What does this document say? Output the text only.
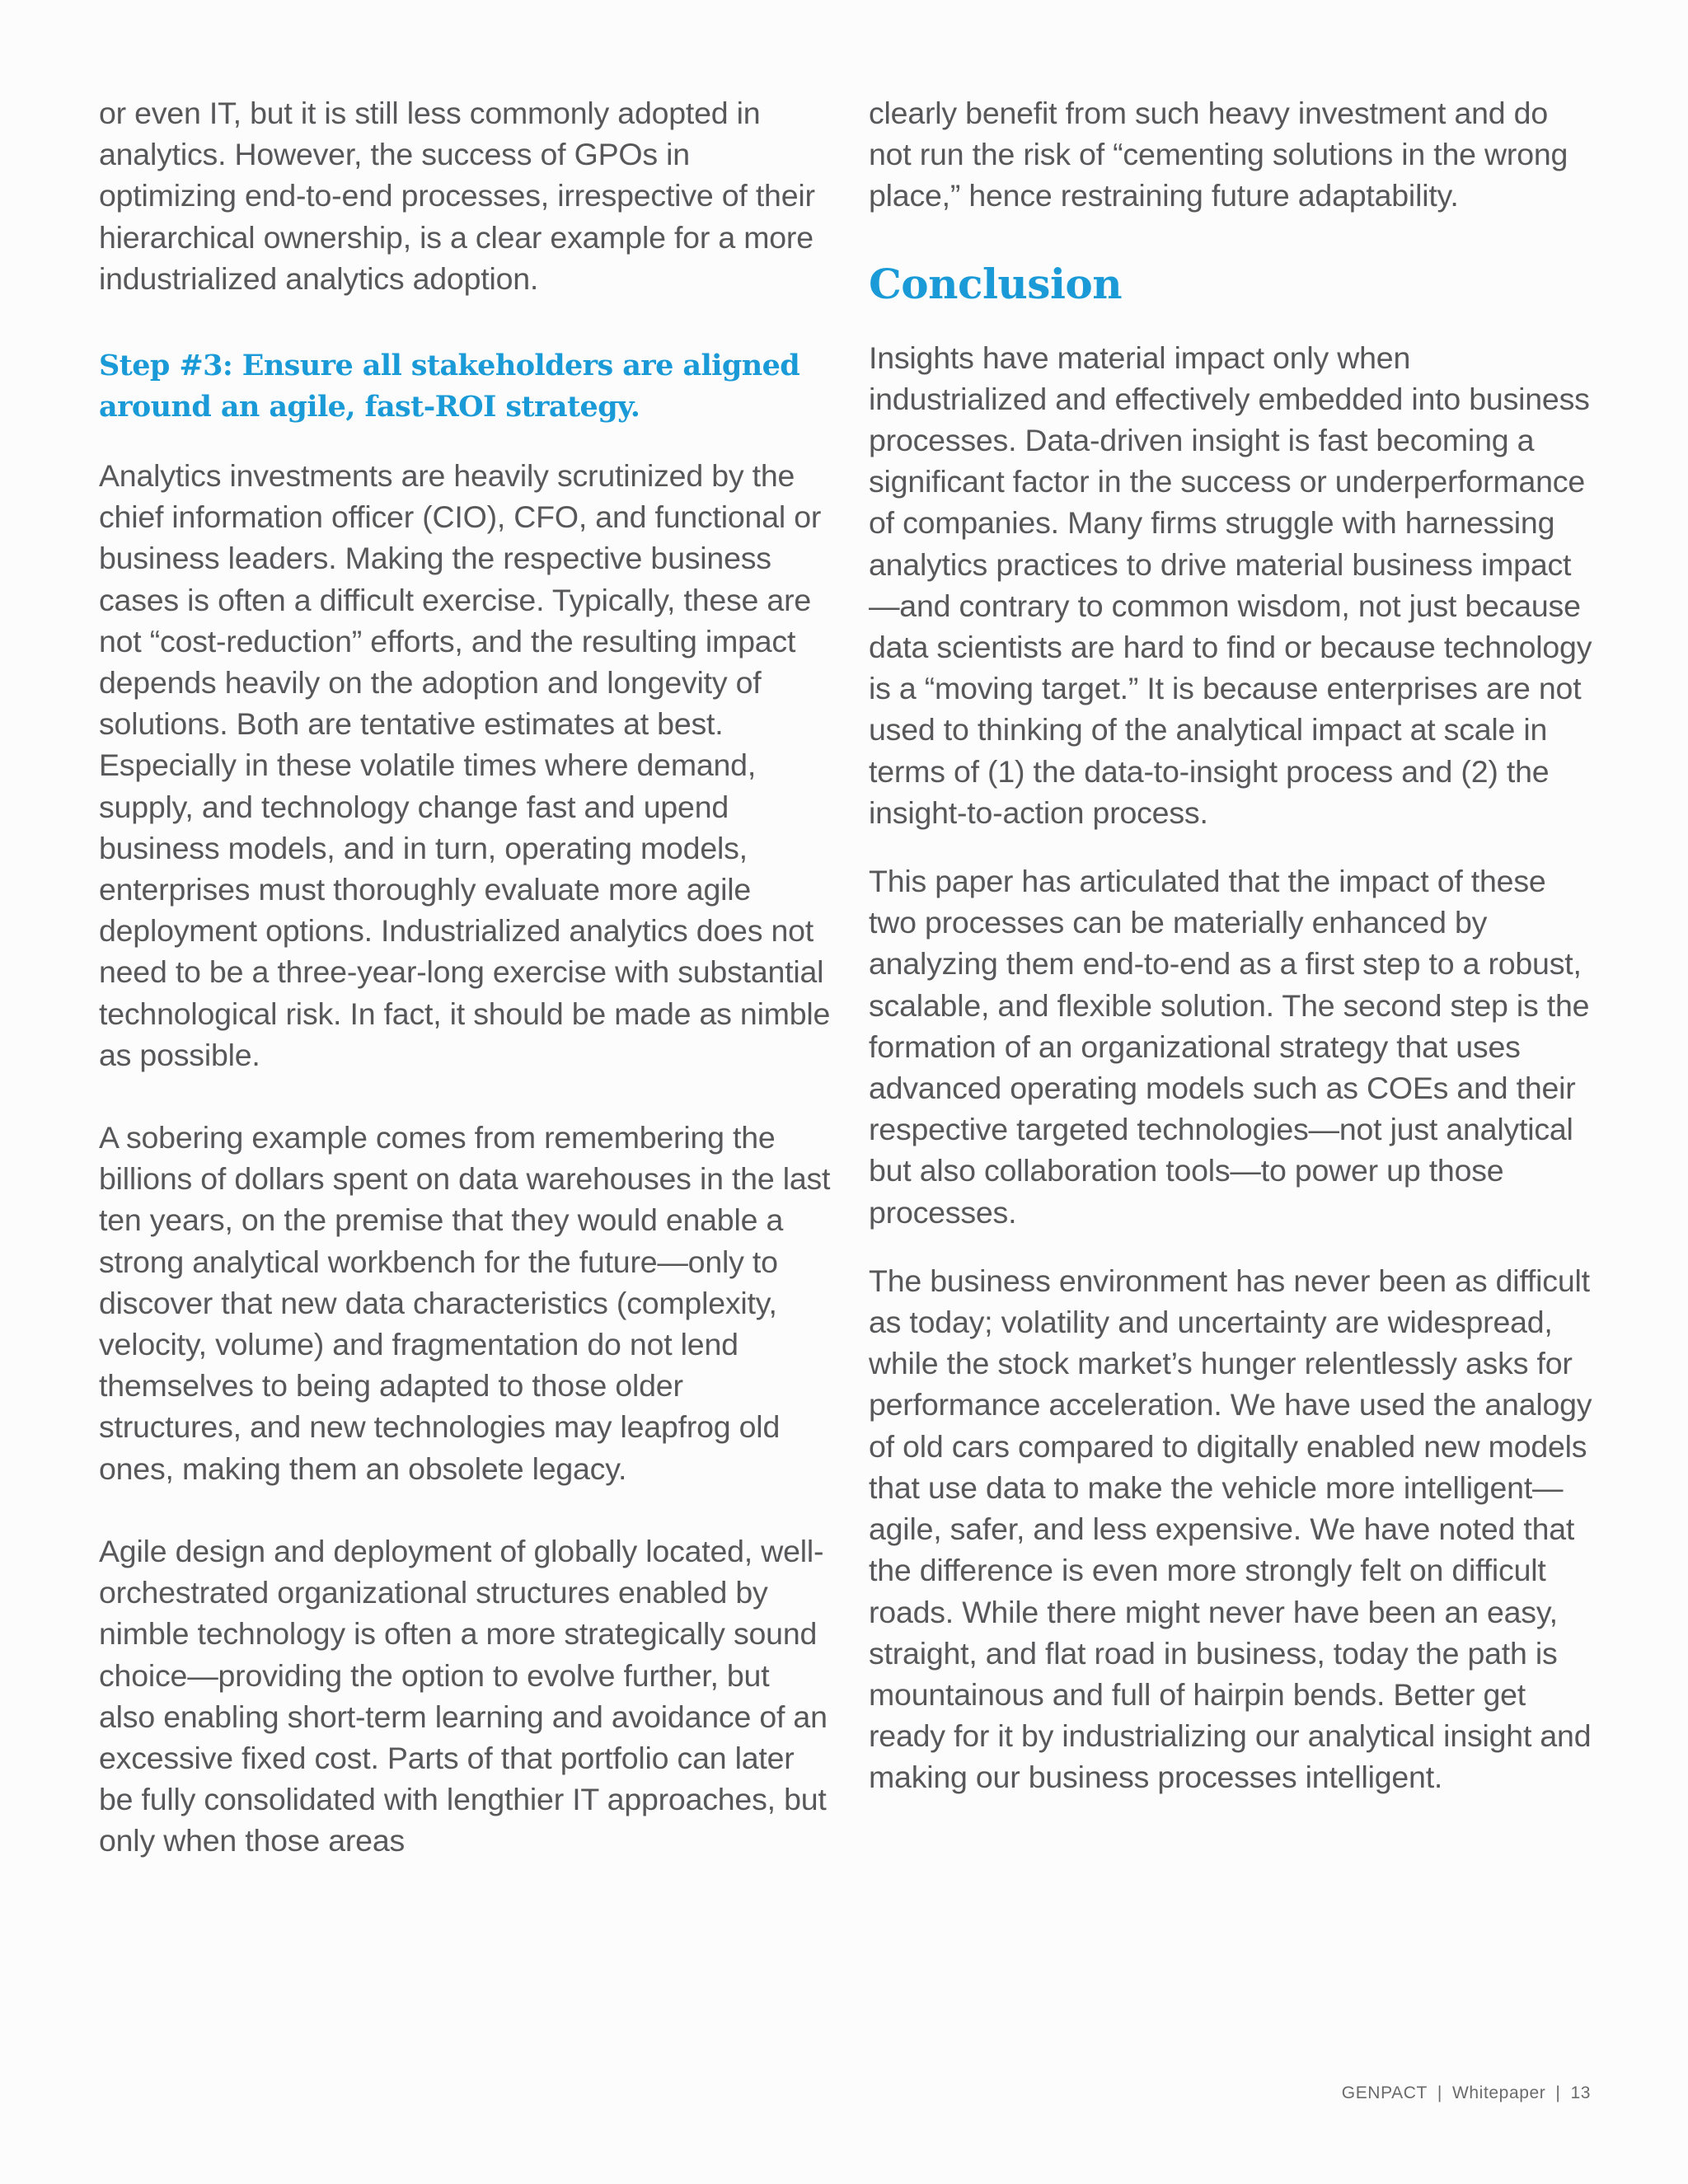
or even IT, but it is still less commonly adopted in analytics. However, the success of GPOs in optimizing end-to-end processes, irrespective of their hierarchical ownership, is a clear example for a more industrialized analytics adoption.

Step #3: Ensure all stakeholders are aligned around an agile, fast-ROI strategy.

Analytics investments are heavily scrutinized by the chief information officer (CIO), CFO, and functional or business leaders. Making the respective business cases is often a difficult exercise. Typically, these are not “cost-reduction” efforts, and the resulting impact depends heavily on the adoption and longevity of solutions. Both are tentative estimates at best. Especially in these volatile times where demand, supply, and technology change fast and upend business models, and in turn, operating models, enterprises must thoroughly evaluate more agile deployment options. Industrialized analytics does not need to be a three-year-long exercise with substantial technological risk. In fact, it should be made as nimble as possible.

A sobering example comes from remembering the billions of dollars spent on data warehouses in the last ten years, on the premise that they would enable a strong analytical workbench for the future—only to discover that new data characteristics (complexity, velocity, volume) and fragmentation do not lend themselves to being adapted to those older structures, and new technologies may leapfrog old ones, making them an obsolete legacy.

Agile design and deployment of globally located, well-orchestrated organizational structures enabled by nimble technology is often a more strategically sound choice—providing the option to evolve further, but also enabling short-term learning and avoidance of an excessive fixed cost. Parts of that portfolio can later be fully consolidated with lengthier IT approaches, but only when those areas

clearly benefit from such heavy investment and do not run the risk of “cementing solutions in the wrong place,” hence restraining future adaptability.

Conclusion

Insights have material impact only when industrialized and effectively embedded into business processes. Data-driven insight is fast becoming a significant factor in the success or underperformance of companies. Many firms struggle with harnessing analytics practices to drive material business impact—and contrary to common wisdom, not just because data scientists are hard to find or because technology is a “moving target.” It is because enterprises are not used to thinking of the analytical impact at scale in terms of (1) the data-to-insight process and (2) the insight-to-action process.

This paper has articulated that the impact of these two processes can be materially enhanced by analyzing them end-to-end as a first step to a robust, scalable, and flexible solution. The second step is the formation of an organizational strategy that uses advanced operating models such as COEs and their respective targeted technologies—not just analytical but also collaboration tools—to power up those processes.

The business environment has never been as difficult as today; volatility and uncertainty are widespread, while the stock market’s hunger relentlessly asks for performance acceleration. We have used the analogy of old cars compared to digitally enabled new models that use data to make the vehicle more intelligent—agile, safer, and less expensive. We have noted that the difference is even more strongly felt on difficult roads. While there might never have been an easy, straight, and flat road in business, today the path is mountainous and full of hairpin bends. Better get ready for it by industrializing our analytical insight and making our business processes intelligent.

GENPACT | Whitepaper | 13
